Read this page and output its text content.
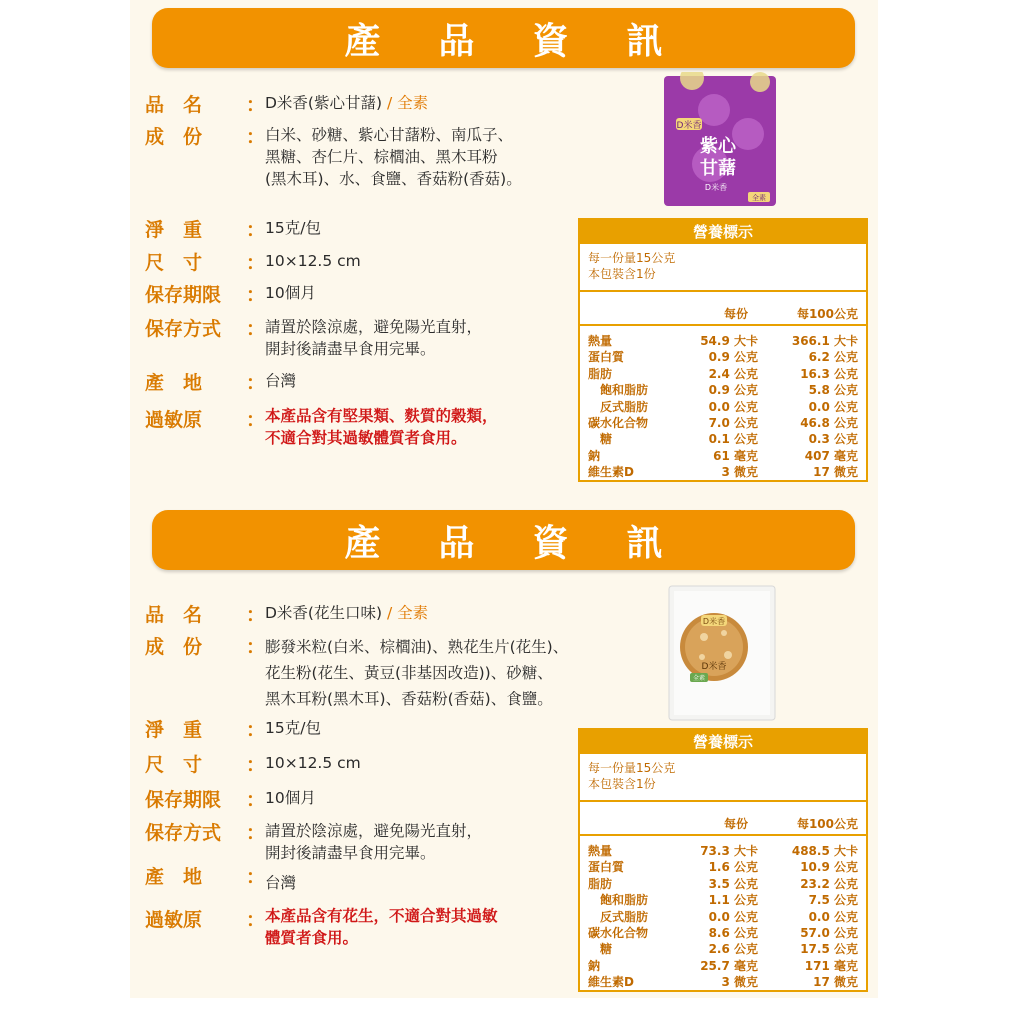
產 品 資 訊
品　名 ： D米香(紫心甘藷) / 全素
成　份 ： 白米、砂糖、紫心甘藷粉、南瓜子、
黑糖、杏仁片、棕櫚油、黑木耳粉
(黑木耳)、水、食鹽、香菇粉(香菇)。
淨　重 ： 15克/包
尺　寸 ： 10×12.5 cm
保存期限 ： 10個月
保存方式 ： 請置於陰涼處，避免陽光直射，
開封後請盡早食用完畢。
產　地 ： 台灣
過敏原 ： 本產品含有堅果類、麩質的穀類，
不適合對其過敏體質者食用。
D米香
紫心
甘藷
D米香
全素
營養標示
每一份量15公克
本包裝含1份
每份	每100公克
熱量	54.9 大卡	366.1 大卡
蛋白質	0.9 公克	6.2 公克
脂肪	2.4 公克	16.3 公克
飽和脂肪	0.9 公克	5.8 公克
反式脂肪	0.0 公克	0.0 公克
碳水化合物	7.0 公克	46.8 公克
糖	0.1 公克	0.3 公克
鈉	61 毫克	407 毫克
維生素D	3 微克	17 微克
產 品 資 訊
品　名 ： D米香(花生口味) / 全素
成　份 ： 膨發米粒(白米、棕櫚油)、熟花生片(花生)、
花生粉(花生、黃豆(非基因改造))、砂糖、
黑木耳粉(黑木耳)、香菇粉(香菇)、食鹽。
淨　重 ： 15克/包
尺　寸 ： 10×12.5 cm
保存期限 ： 10個月
保存方式 ： 請置於陰涼處，避免陽光直射，
開封後請盡早食用完畢。
產　地 ： 台灣
過敏原 ： 本產品含有花生，不適合對其過敏
體質者食用。
D米香
D米香
全素
營養標示
每一份量15公克
本包裝含1份
每份	每100公克
熱量	73.3 大卡	488.5 大卡
蛋白質	1.6 公克	10.9 公克
脂肪	3.5 公克	23.2 公克
飽和脂肪	1.1 公克	7.5 公克
反式脂肪	0.0 公克	0.0 公克
碳水化合物	8.6 公克	57.0 公克
糖	2.6 公克	17.5 公克
鈉	25.7 毫克	171 毫克
維生素D	3 微克	17 微克
